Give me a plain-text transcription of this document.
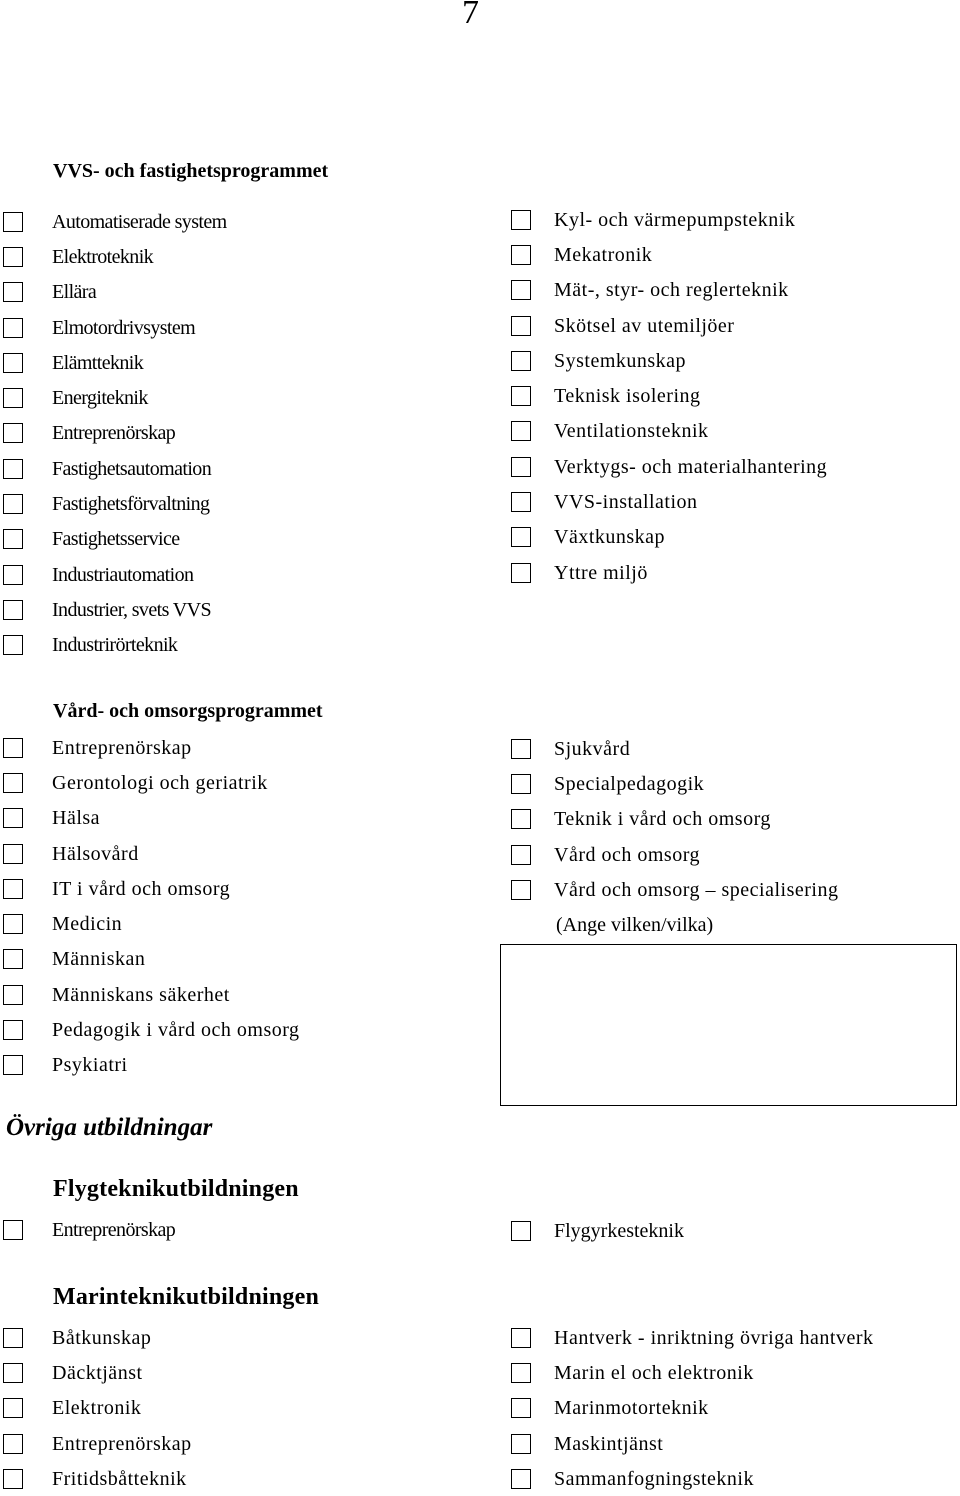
7
VVS- och fastighetsprogrammet
Automatiserade system
Elektroteknik
Ellära
Elmotordrivsystem
Elämtteknik
Energiteknik
Entreprenörskap
Fastighetsautomation
Fastighetsförvaltning
Fastighetsservice
Industriautomation
Industrier, svets VVS
Industrirörteknik
Kyl- och värmepumpsteknik
Mekatronik
Mät-, styr- och reglerteknik
Skötsel av utemiljöer
Systemkunskap
Teknisk isolering
Ventilationsteknik
Verktygs- och materialhantering
VVS-installation
Växtkunskap
Yttre miljö
Vård- och omsorgsprogrammet
Entreprenörskap
Gerontologi och geriatrik
Hälsa
Hälsovård
IT i vård och omsorg
Medicin
Människan
Människans säkerhet
Pedagogik i vård och omsorg
Psykiatri
Sjukvård
Specialpedagogik
Teknik i vård och omsorg
Vård och omsorg
Vård och omsorg – specialisering
(Ange vilken/vilka)
Övriga utbildningar
Flygteknikutbildningen
Entreprenörskap	Flygyrkesteknik
Marinteknikutbildningen
Båtkunskap
Däcktjänst
Elektronik
Entreprenörskap
Fritidsbåtteknik
Hantverk - inriktning övriga hantverk
Marin el och elektronik
Marinmotorteknik
Maskintjänst
Sammanfogningsteknik
